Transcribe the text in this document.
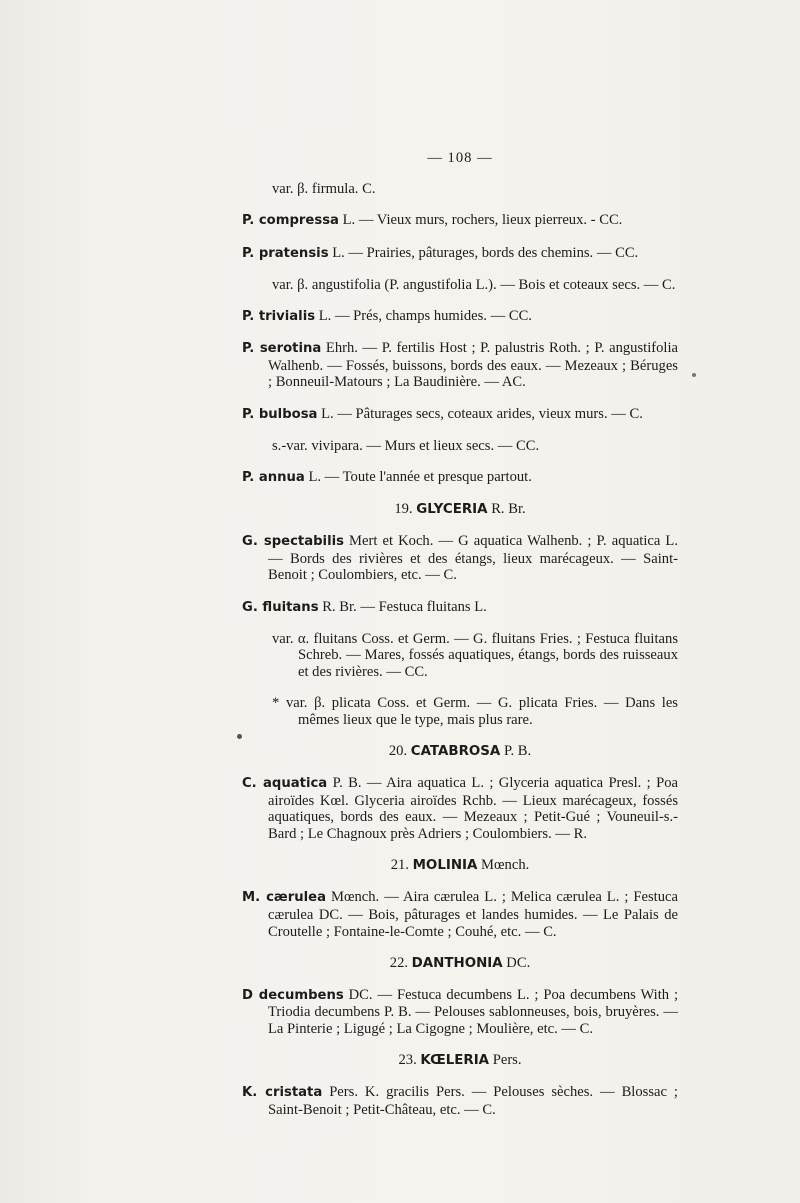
— 108 —

var. β. firmula. C.

P. compressa L. — Vieux murs, rochers, lieux pierreux. - CC.

P. pratensis L. — Prairies, pâturages, bords des chemins. — CC.

var. β. angustifolia (P. angustifolia L.). — Bois et coteaux secs. — C.

P. trivialis L. — Prés, champs humides. — CC.

P. serotina Ehrh. — P. fertilis Host ; P. palustris Roth. ; P. angustifolia Walhenb. — Fossés, buissons, bords des eaux. — Mezeaux ; Béruges ; Bonneuil-Matours ; La Baudinière. — AC.

P. bulbosa L. — Pâturages secs, coteaux arides, vieux murs. — C.

s.-var. vivipara. — Murs et lieux secs. — CC.

P. annua L. — Toute l'année et presque partout.

19. GLYCERIA R. Br.

G. spectabilis Mert et Koch. — G aquatica Walhenb. ; P. aquatica L. — Bords des rivières et des étangs, lieux marécageux. — Saint-Benoit ; Coulombiers, etc. — C.

G. fluitans R. Br. — Festuca fluitans L.

var. α. fluitans Coss. et Germ. — G. fluitans Fries. ; Festuca fluitans Schreb. — Mares, fossés aquatiques, étangs, bords des ruisseaux et des rivières. — CC.

* var. β. plicata Coss. et Germ. — G. plicata Fries. — Dans les mêmes lieux que le type, mais plus rare.

20. CATABROSA P. B.

C. aquatica P. B. — Aira aquatica L. ; Glyceria aquatica Presl. ; Poa airoïdes Kœl. Glyceria airoïdes Rchb. — Lieux marécageux, fossés aquatiques, bords des eaux. — Mezeaux ; Petit-Gué ; Vouneuil-s.-Bard ; Le Chagnoux près Adriers ; Coulombiers. — R.

21. MOLINIA Mœnch.

M. cærulea Mœnch. — Aira cærulea L. ; Melica cærulea L. ; Festuca cærulea DC. — Bois, pâturages et landes humides. — Le Palais de Croutelle ; Fontaine-le-Comte ; Couhé, etc. — C.

22. DANTHONIA DC.

D decumbens DC. — Festuca decumbens L. ; Poa decumbens With ; Triodia decumbens P. B. — Pelouses sablonneuses, bois, bruyères. — La Pinterie ; Ligugé ; La Cigogne ; Moulière, etc. — C.

23. KŒLERIA Pers.

K. cristata Pers. K. gracilis Pers. — Pelouses sèches. — Blossac ; Saint-Benoit ; Petit-Château, etc. — C.
